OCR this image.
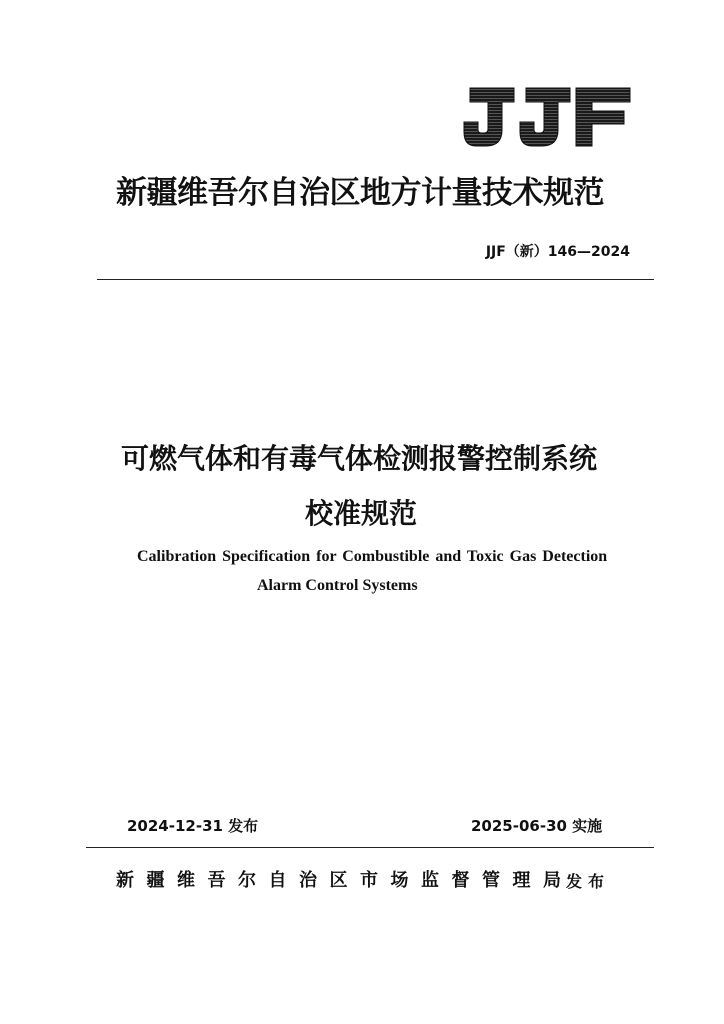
新疆维吾尔自治区地方计量技术规范
JJF（新）146—2024
可燃气体和有毒气体检测报警控制系统
校准规范
Calibration Specification for Combustible and Toxic Gas Detection
Alarm Control Systems
2024-12-31 发布	2025-06-30 实施
新疆维吾尔自治区市场监督管理局
发布
